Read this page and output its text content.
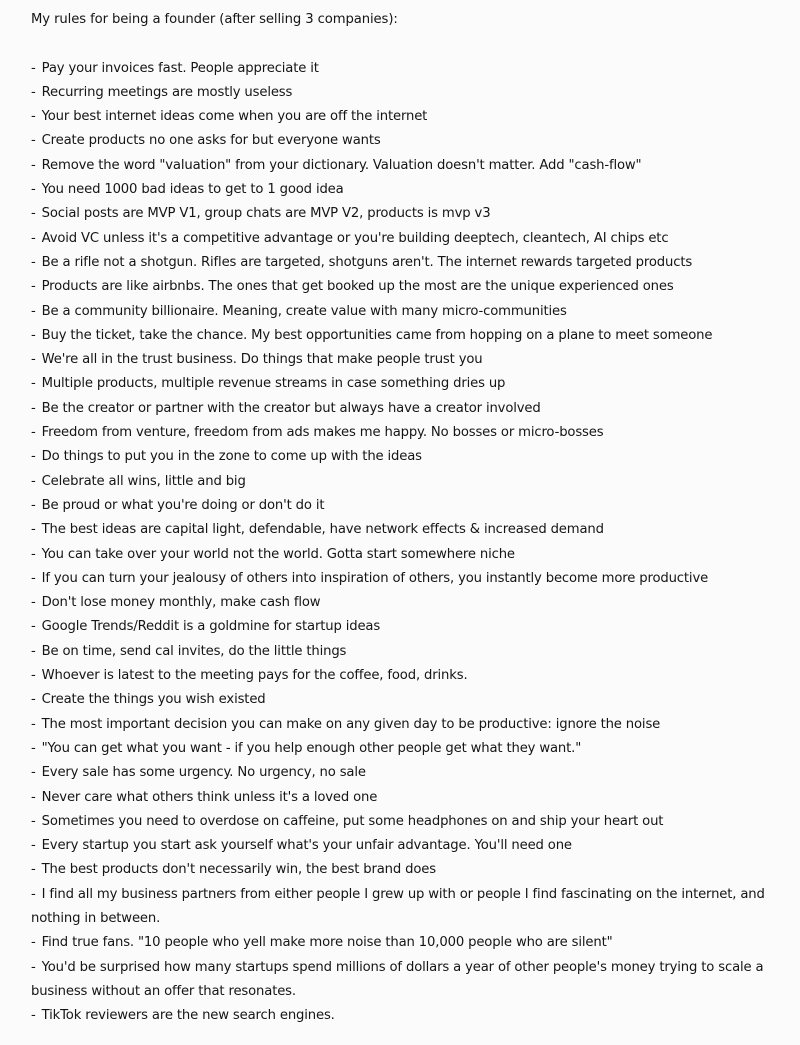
My rules for being a founder (after selling 3 companies):
- Pay your invoices fast. People appreciate it
- Recurring meetings are mostly useless
- Your best internet ideas come when you are off the internet
- Create products no one asks for but everyone wants
- Remove the word "valuation" from your dictionary. Valuation doesn't matter. Add "cash-flow"
- You need 1000 bad ideas to get to 1 good idea
- Social posts are MVP V1, group chats are MVP V2, products is mvp v3
- Avoid VC unless it's a competitive advantage or you're building deeptech, cleantech, AI chips etc
- Be a rifle not a shotgun. Rifles are targeted, shotguns aren't. The internet rewards targeted products
- Products are like airbnbs. The ones that get booked up the most are the unique experienced ones
- Be a community billionaire. Meaning, create value with many micro-communities
- Buy the ticket, take the chance. My best opportunities came from hopping on a plane to meet someone
- We're all in the trust business. Do things that make people trust you
- Multiple products, multiple revenue streams in case something dries up
- Be the creator or partner with the creator but always have a creator involved
- Freedom from venture, freedom from ads makes me happy. No bosses or micro-bosses
- Do things to put you in the zone to come up with the ideas
- Celebrate all wins, little and big
- Be proud or what you're doing or don't do it
- The best ideas are capital light, defendable, have network effects & increased demand
- You can take over your world not the world. Gotta start somewhere niche
- If you can turn your jealousy of others into inspiration of others, you instantly become more productive
- Don't lose money monthly, make cash flow
- Google Trends/Reddit is a goldmine for startup ideas
- Be on time, send cal invites, do the little things
- Whoever is latest to the meeting pays for the coffee, food, drinks.
- Create the things you wish existed
- The most important decision you can make on any given day to be productive: ignore the noise
- "You can get what you want - if you help enough other people get what they want."
- Every sale has some urgency. No urgency, no sale
- Never care what others think unless it's a loved one
- Sometimes you need to overdose on caffeine, put some headphones on and ship your heart out
- Every startup you start ask yourself what's your unfair advantage. You'll need one
- The best products don't necessarily win, the best brand does
- I find all my business partners from either people I grew up with or people I find fascinating on the internet, and nothing in between.
- Find true fans. "10 people who yell make more noise than 10,000 people who are silent"
- You'd be surprised how many startups spend millions of dollars a year of other people's money trying to scale a business without an offer that resonates.
- TikTok reviewers are the new search engines.
